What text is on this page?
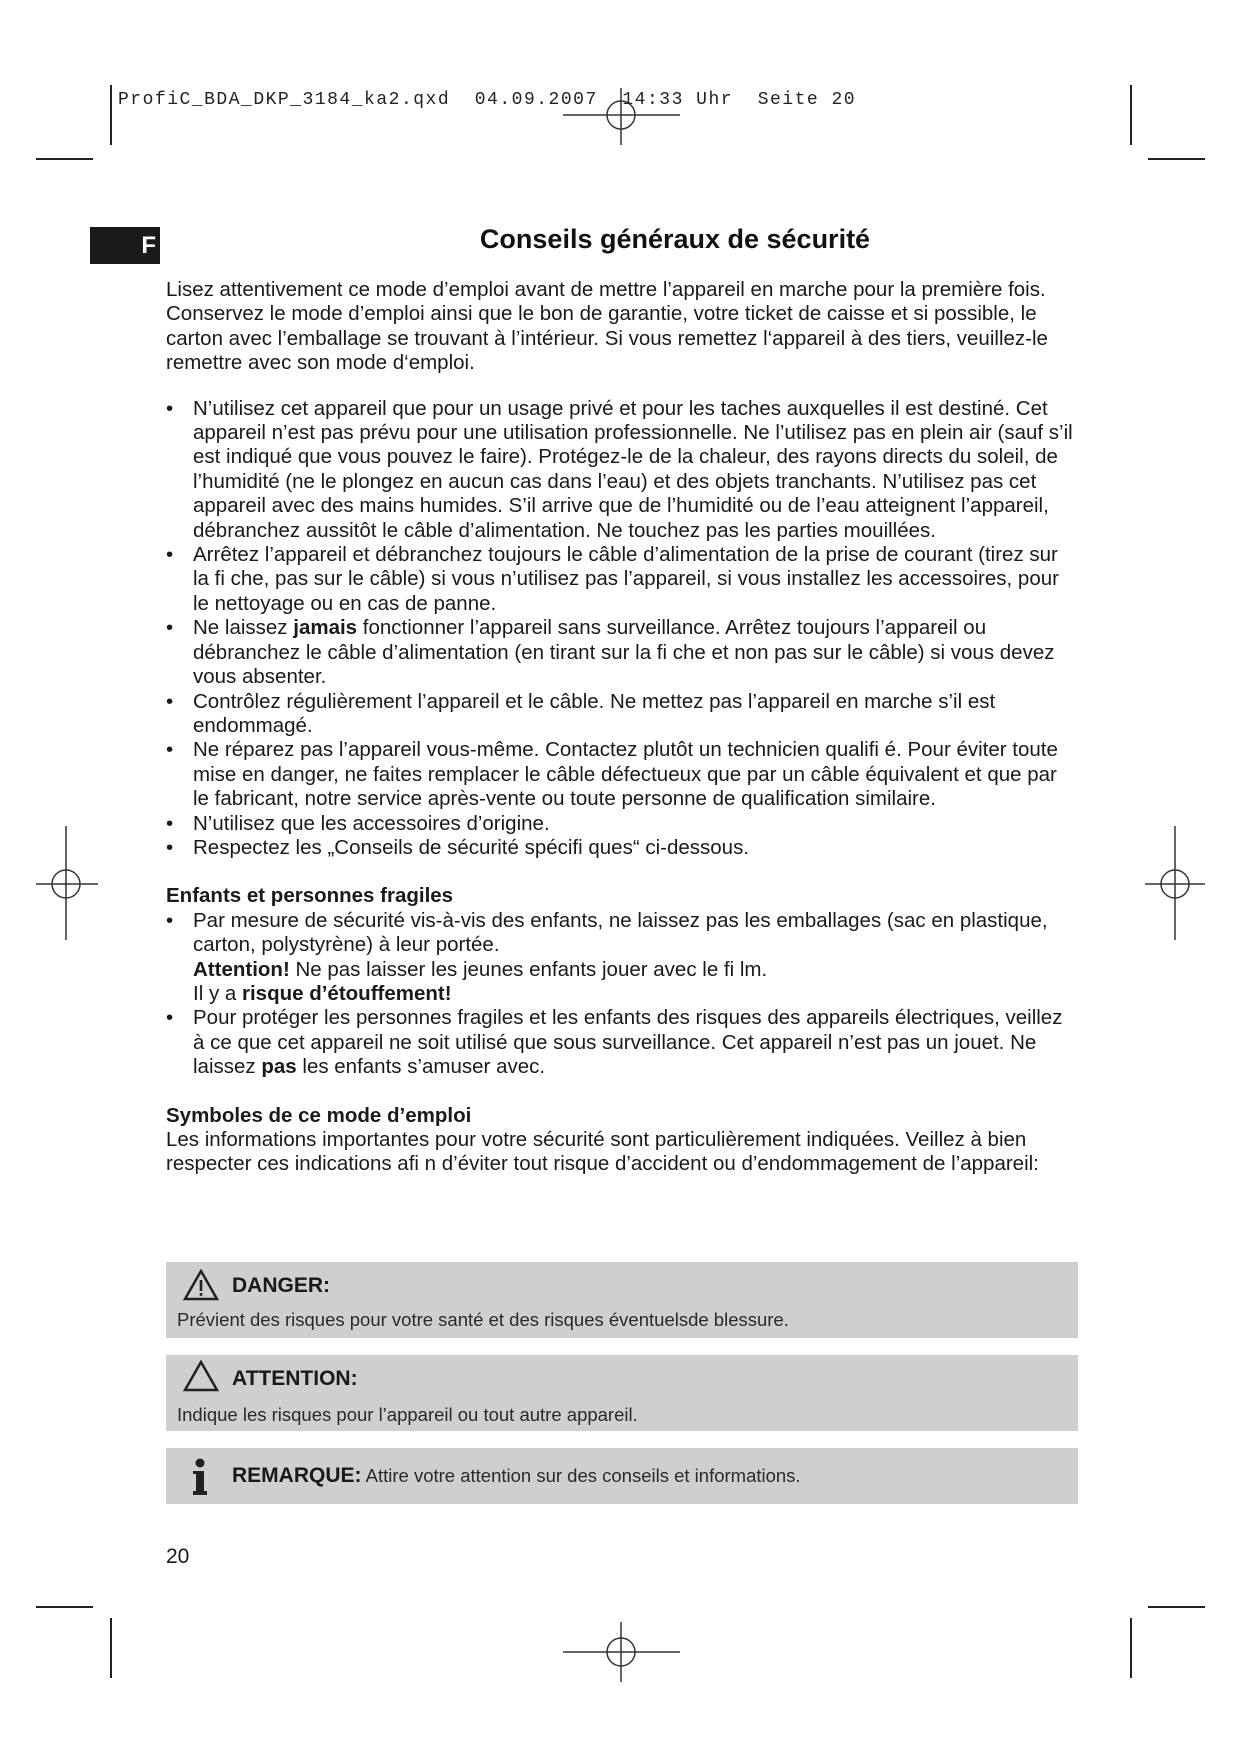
ProfiC_BDA_DKP_3184_ka2.qxd  04.09.2007  14:33 Uhr  Seite 20
F	Conseils généraux de sécurité

Lisez attentivement ce mode d’emploi avant de mettre l’appareil en marche pour la première fois. Conservez le mode d’emploi ainsi que le bon de garantie, votre ticket de caisse et si possible, le carton avec l’emballage se trouvant à l’intérieur. Si vous remettez l‘appareil à des tiers, veuillez-le remettre avec son mode d‘emploi.

• N’utilisez cet appareil que pour un usage privé et pour les taches auxquelles il est destiné. Cet appareil n’est pas prévu pour une utilisation professionnelle. Ne l’utilisez pas en plein air (sauf s’il est indiqué que vous pouvez le faire). Protégez-le de la chaleur, des rayons directs du soleil, de l’humidité (ne le plongez en aucun cas dans l’eau) et des objets tranchants. N’utilisez pas cet appareil avec des mains humides. S’il arrive que de l’humidité ou de l’eau atteignent l’appareil, débranchez aussitôt le câble d’alimentation. Ne touchez pas les parties mouillées.
• Arrêtez l’appareil et débranchez toujours le câble d’alimentation de la prise de courant (tirez sur la fi che, pas sur le câble) si vous n’utilisez pas l’appareil, si vous installez les accessoires, pour le nettoyage ou en cas de panne.
• Ne laissez jamais fonctionner l’appareil sans surveillance. Arrêtez toujours l’appareil ou débranchez le câble d’alimentation (en tirant sur la fi che et non pas sur le câble) si vous devez vous absenter.
• Contrôlez régulièrement l’appareil et le câble. Ne mettez pas l’appareil en marche s’il est endommagé.
• Ne réparez pas l’appareil vous-même. Contactez plutôt un technicien qualifi é. Pour éviter toute mise en danger, ne faites remplacer le câble défectueux que par un câble équivalent et que par le fabricant, notre service après-vente ou toute personne de qualification similaire.
• N’utilisez que les accessoires d’origine.
• Respectez les „Conseils de sécurité spécifi ques“ ci-dessous.
Enfants et personnes fragiles
• Par mesure de sécurité vis-à-vis des enfants, ne laissez pas les emballages (sac en plastique, carton, polystyrène) à leur portée.
Attention! Ne pas laisser les jeunes enfants jouer avec le fi lm.
Il y a risque d’étouffement!
• Pour protéger les personnes fragiles et les enfants des risques des appareils électriques, veillez à ce que cet appareil ne soit utilisé que sous surveillance. Cet appareil n’est pas un jouet. Ne laissez pas les enfants s’amuser avec.
Symboles de ce mode d’emploi

Les informations importantes pour votre sécurité sont particulièrement indiquées. Veillez à bien respecter ces indications afi n d’éviter tout risque d’accident ou d’endommagement de l’appareil:

DANGER:
Prévient des risques pour votre santé et des risques éventuelsde blessure.
ATTENTION:
Indique les risques pour l’appareil ou tout autre appareil.
REMARQUE: Attire votre attention sur des conseils et informations.
20
